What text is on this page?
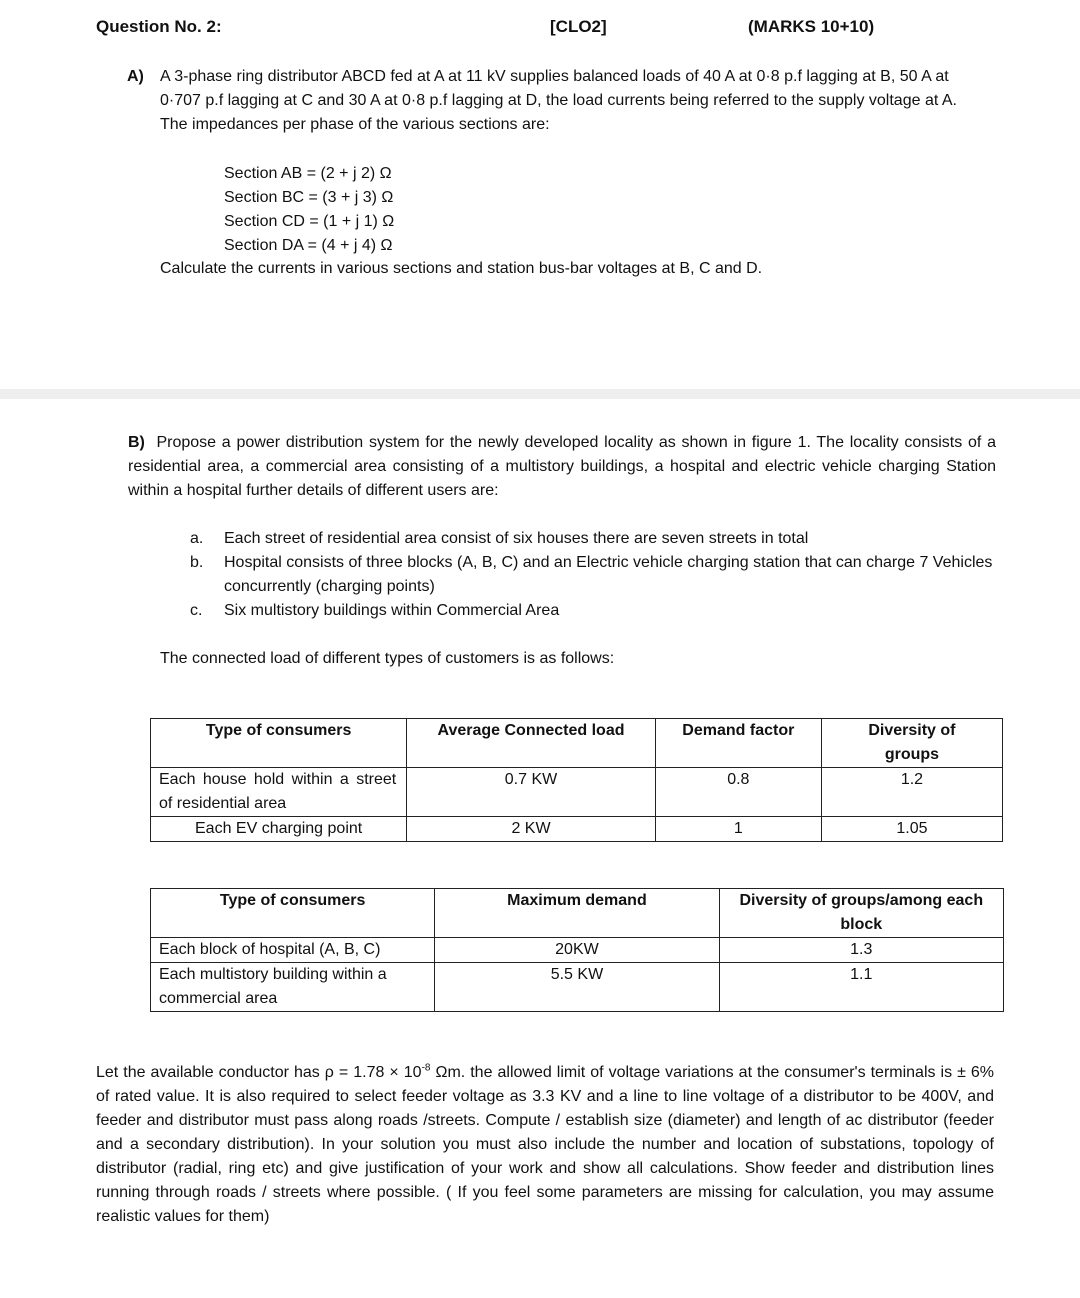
Question No. 2:	[CLO2]	(MARKS 10+10)
A) A 3-phase ring distributor ABCD fed at A at 11 kV supplies balanced loads of 40 A at 0·8 p.f lagging at B, 50 A at 0·707 p.f lagging at C and 30 A at 0·8 p.f lagging at D, the load currents being referred to the supply voltage at A. The impedances per phase of the various sections are:
Section AB = (2 + j 2) Ω
Section BC = (3 + j 3) Ω
Section CD = (1 + j 1) Ω
Section DA = (4 + j 4) Ω
Calculate the currents in various sections and station bus-bar voltages at B, C and D.
B) Propose a power distribution system for the newly developed locality as shown in figure 1. The locality consists of a residential area, a commercial area consisting of a multistory buildings, a hospital and electric vehicle charging Station within a hospital further details of different users are:
a.	Each street of residential area consist of six houses there are seven streets in total
b.	Hospital consists of three blocks (A, B, C) and an Electric vehicle charging station that can charge 7 Vehicles concurrently (charging points)
c.	Six multistory buildings within Commercial Area
The connected load of different types of customers is as follows:
Type of consumers	Average Connected load	Demand factor	Diversity of groups
Each house hold within a street of residential area	0.7 KW	0.8	1.2
Each EV charging point	2 KW	1	1.05
Type of consumers	Maximum demand	Diversity of groups/among each block
Each block of hospital (A, B, C)	20KW	1.3
Each multistory building within a commercial area	5.5 KW	1.1
Let the available conductor has $\rho = 1.78 \times 10^{-8}$ Ωm. the allowed limit of voltage variations at the consumer's terminals is ± 6% of rated value. It is also required to select feeder voltage as 3.3 KV and a line to line voltage of a distributor to be 400V, and feeder and distributor must pass along roads /streets. Compute / establish size (diameter) and length of ac distributor (feeder and a secondary distribution). In your solution you must also include the number and location of substations, topology of distributor (radial, ring etc) and give justification of your work and show all calculations. Show feeder and distribution lines running through roads / streets where possible. ( If you feel some parameters are missing for calculation, you may assume realistic values for them)
